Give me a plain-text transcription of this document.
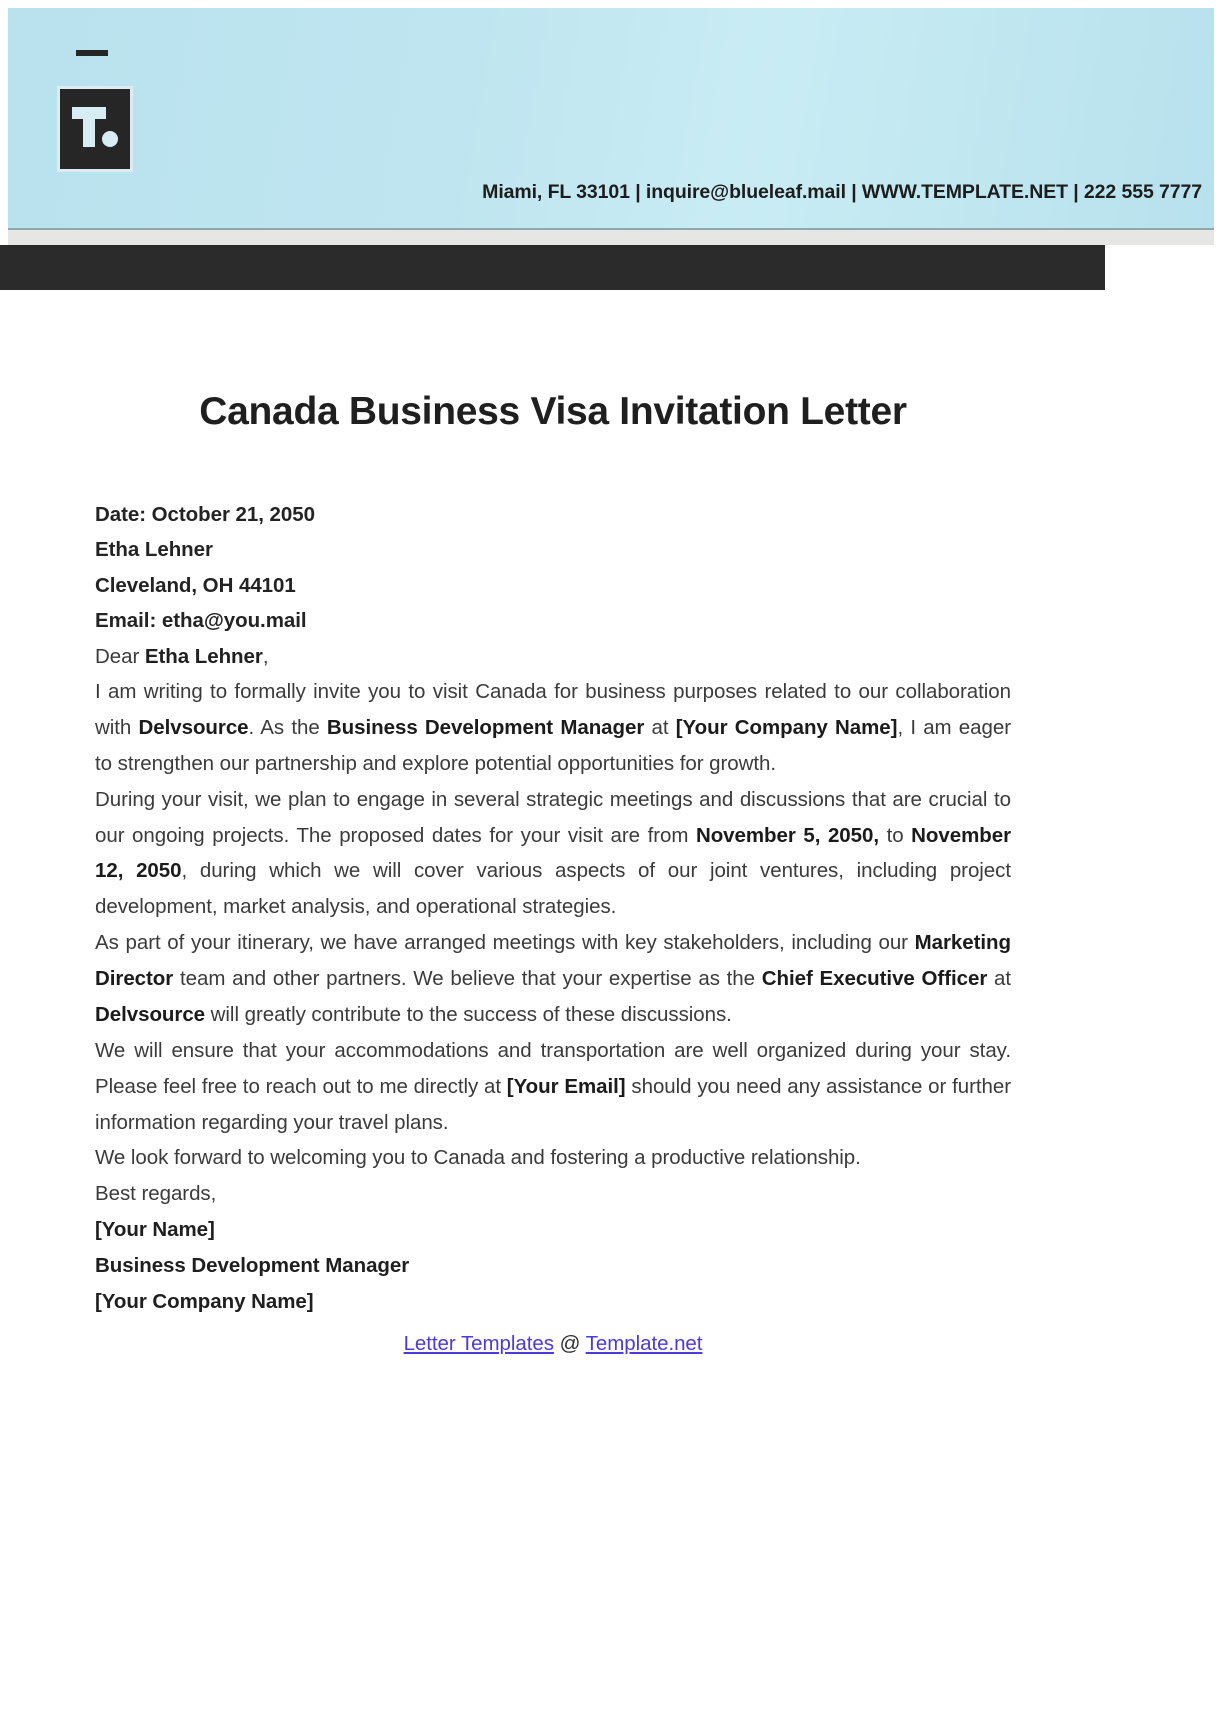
Miami, FL 33101 | inquire@blueleaf.mail | WWW.TEMPLATE.NET | 222 555 7777
Canada Business Visa Invitation Letter
Date: October 21, 2050
Etha Lehner
Cleveland, OH 44101
Email: etha@you.mail
Dear Etha Lehner,

I am writing to formally invite you to visit Canada for business purposes related to our collaboration with Delvsource. As the Business Development Manager at [Your Company Name], I am eager to strengthen our partnership and explore potential opportunities for growth.

During your visit, we plan to engage in several strategic meetings and discussions that are crucial to our ongoing projects. The proposed dates for your visit are from November 5, 2050, to November 12, 2050, during which we will cover various aspects of our joint ventures, including project development, market analysis, and operational strategies.

As part of your itinerary, we have arranged meetings with key stakeholders, including our Marketing Director team and other partners. We believe that your expertise as the Chief Executive Officer at Delvsource will greatly contribute to the success of these discussions.

We will ensure that your accommodations and transportation are well organized during your stay. Please feel free to reach out to me directly at [Your Email] should you need any assistance or further information regarding your travel plans.

We look forward to welcoming you to Canada and fostering a productive relationship.

Best regards,
[Your Name]
Business Development Manager
[Your Company Name]
Letter Templates @ Template.net
